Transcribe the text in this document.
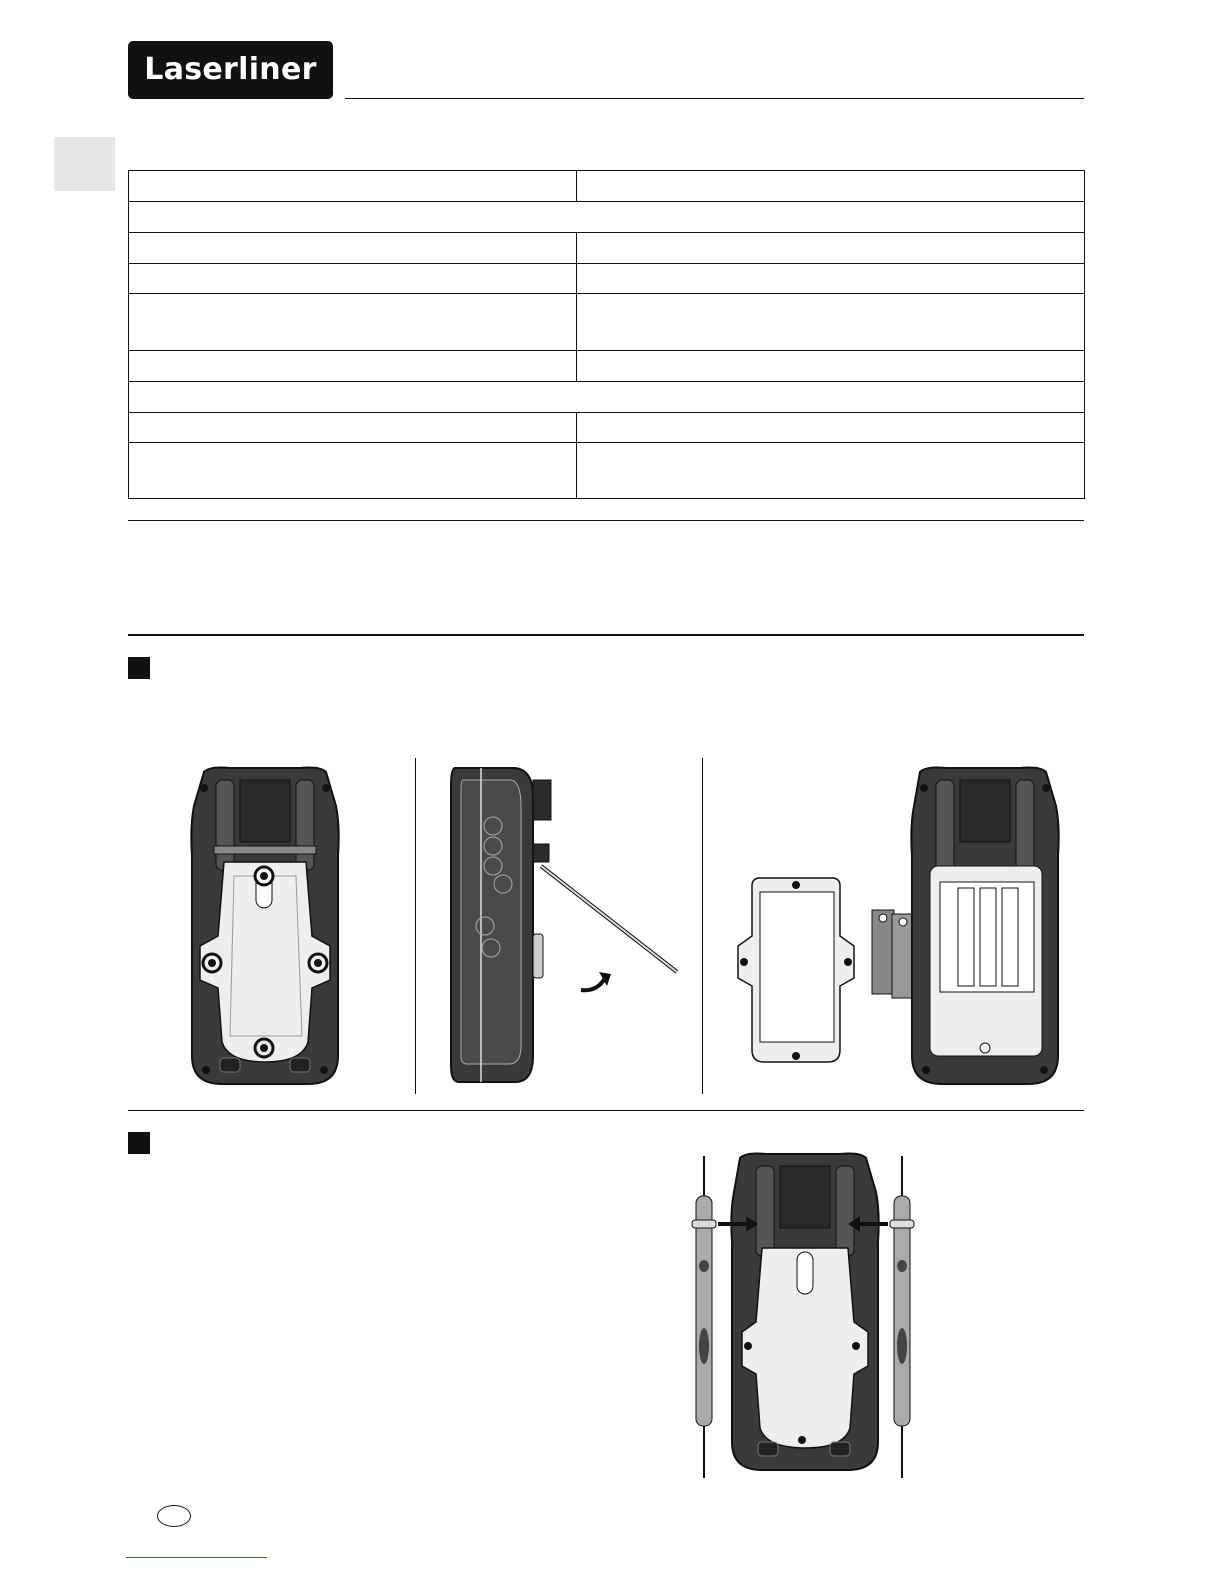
Laserliner
